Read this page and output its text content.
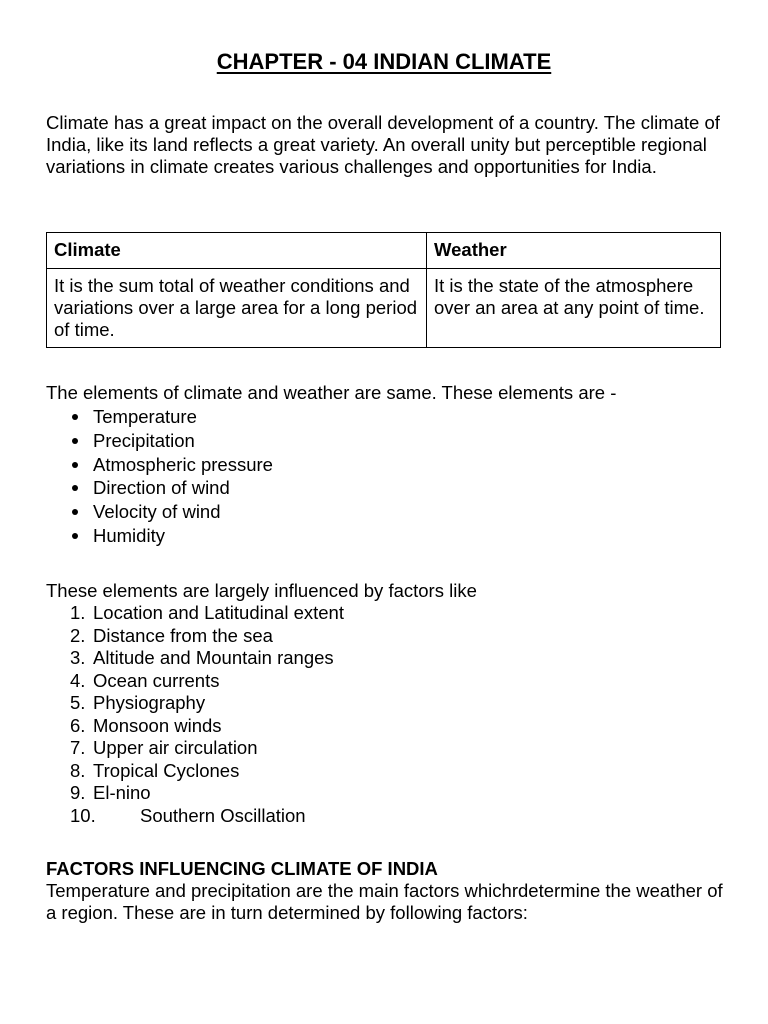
CHAPTER - 04 INDIAN CLIMATE

Climate has a great impact on the overall development of a country. The climate of India, like its land reflects a great variety. An overall unity but perceptible regional variations in climate creates various challenges and opportunities for India.

Climate	Weather
It is the sum total of weather conditions and variations over a large area for a long period of time.	It is the state of the atmosphere over an area at any point of time.

The elements of climate and weather are same. These elements are -

Temperature
Precipitation
Atmospheric pressure
Direction of wind
Velocity of wind
Humidity

These elements are largely influenced by factors like

1. Location and Latitudinal extent
2. Distance from the sea
3. Altitude and Mountain ranges
4. Ocean currents
5. Physiography
6. Monsoon winds
7. Upper air circulation
8. Tropical Cyclones
9. El-nino
10. Southern Oscillation
FACTORS INFLUENCING CLIMATE OF INDIA

Temperature and precipitation are the main factors whichrdetermine the weather of a region. These are in turn determined by following factors:
